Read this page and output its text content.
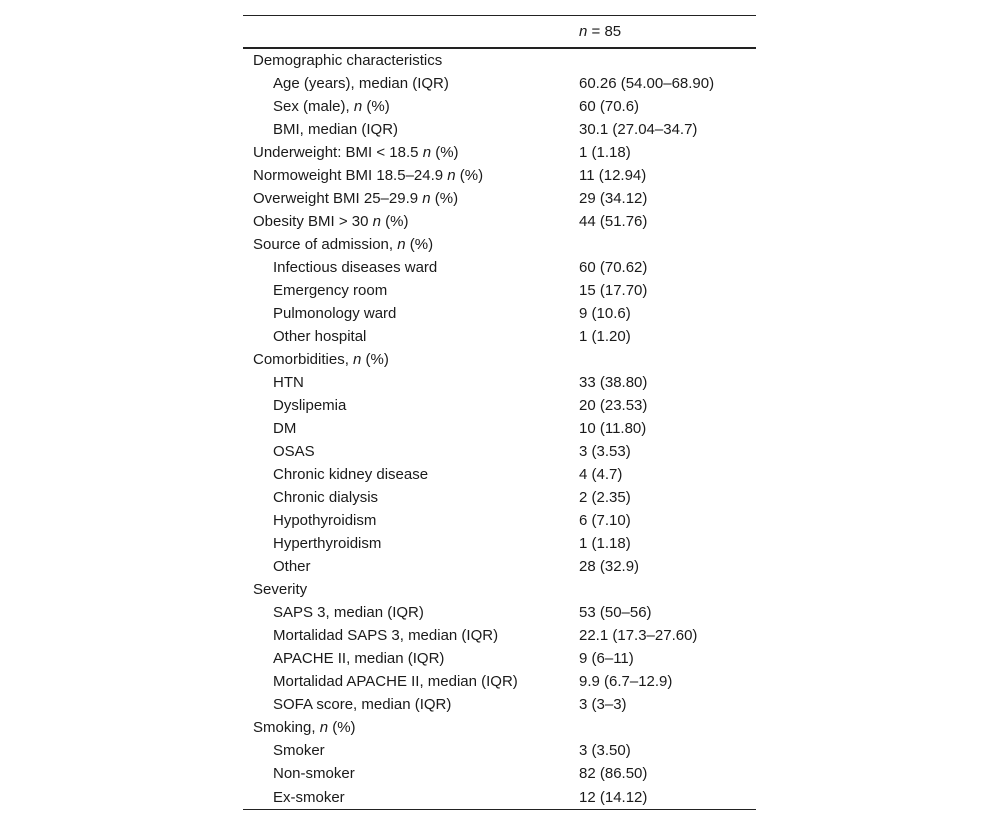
	n = 85
Demographic characteristics	
Age (years), median (IQR)	60.26 (54.00–68.90)
Sex (male), n (%)	60 (70.6)
BMI, median (IQR)	30.1 (27.04–34.7)
Underweight: BMI < 18.5 n (%)	1 (1.18)
Normoweight BMI 18.5–24.9 n (%)	11 (12.94)
Overweight BMI 25–29.9 n (%)	29 (34.12)
Obesity BMI > 30 n (%)	44 (51.76)
Source of admission, n (%)	
Infectious diseases ward	60 (70.62)
Emergency room	15 (17.70)
Pulmonology ward	9 (10.6)
Other hospital	1 (1.20)
Comorbidities, n (%)	
HTN	33 (38.80)
Dyslipemia	20 (23.53)
DM	10 (11.80)
OSAS	3 (3.53)
Chronic kidney disease	4 (4.7)
Chronic dialysis	2 (2.35)
Hypothyroidism	6 (7.10)
Hyperthyroidism	1 (1.18)
Other	28 (32.9)
Severity	
SAPS 3, median (IQR)	53 (50–56)
Mortalidad SAPS 3, median (IQR)	22.1 (17.3–27.60)
APACHE II, median (IQR)	9 (6–11)
Mortalidad APACHE II, median (IQR)	9.9 (6.7–12.9)
SOFA score, median (IQR)	3 (3–3)
Smoking, n (%)	
Smoker	3 (3.50)
Non-smoker	82 (86.50)
Ex-smoker	12 (14.12)
